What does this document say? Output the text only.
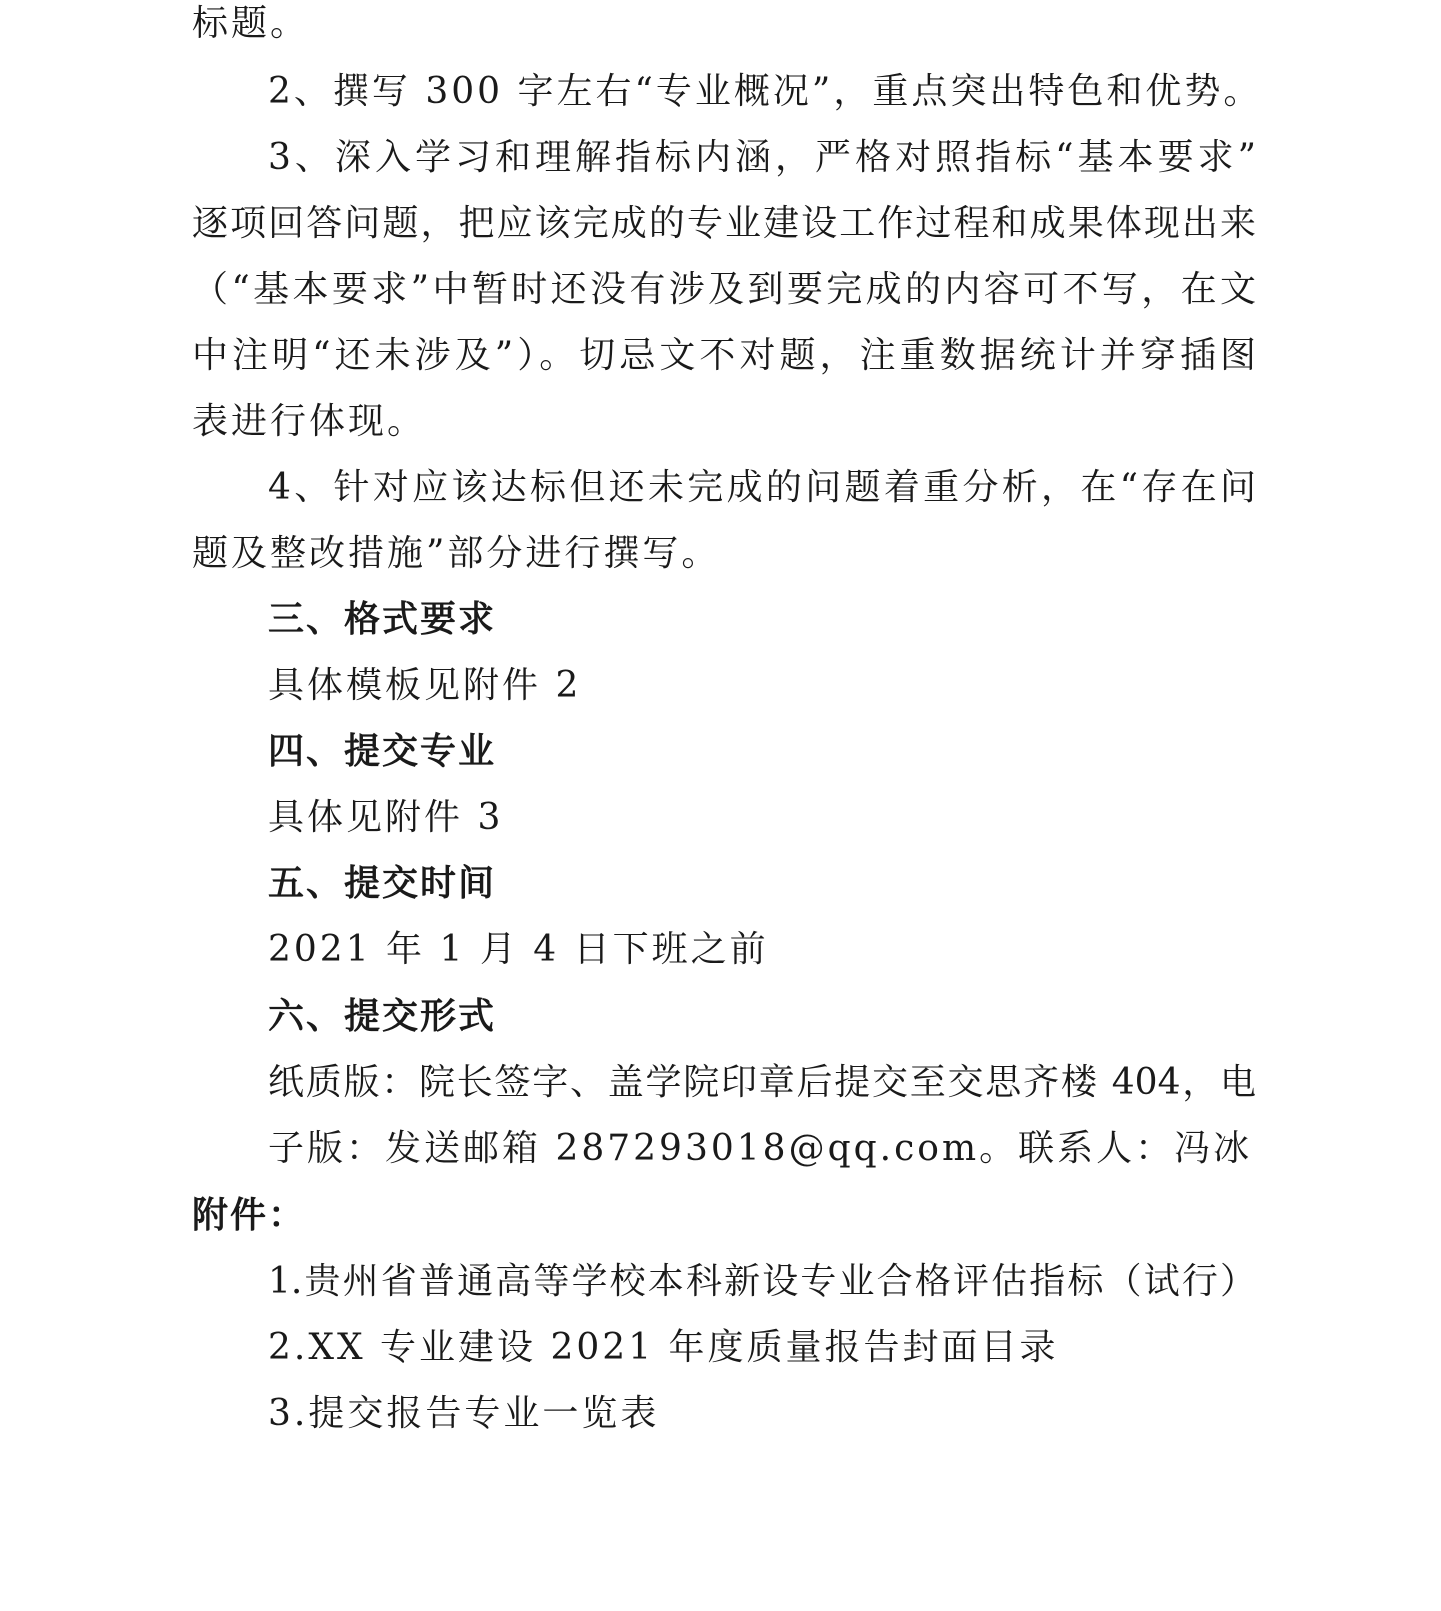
标题。
2、撰写 300 字左右“专业概况”，重点突出特色和优势。
3、深入学习和理解指标内涵，严格对照指标“基本要求”
逐项回答问题，把应该完成的专业建设工作过程和成果体现出来
（“基本要求”中暂时还没有涉及到要完成的内容可不写，在文
中注明“还未涉及”）。切忌文不对题，注重数据统计并穿插图
表进行体现。
4、针对应该达标但还未完成的问题着重分析，在“存在问
题及整改措施”部分进行撰写。
三、格式要求
具体模板见附件 2
四、提交专业
具体见附件 3
五、提交时间
2021 年 1 月 4 日下班之前
六、提交形式
纸质版：院长签字、盖学院印章后提交至交思齐楼 404，电
子版：发送邮箱 287293018@qq.com。联系人：冯冰
附件：
1.贵州省普通高等学校本科新设专业合格评估指标（试行）
2.XX 专业建设 2021 年度质量报告封面目录
3.提交报告专业一览表
